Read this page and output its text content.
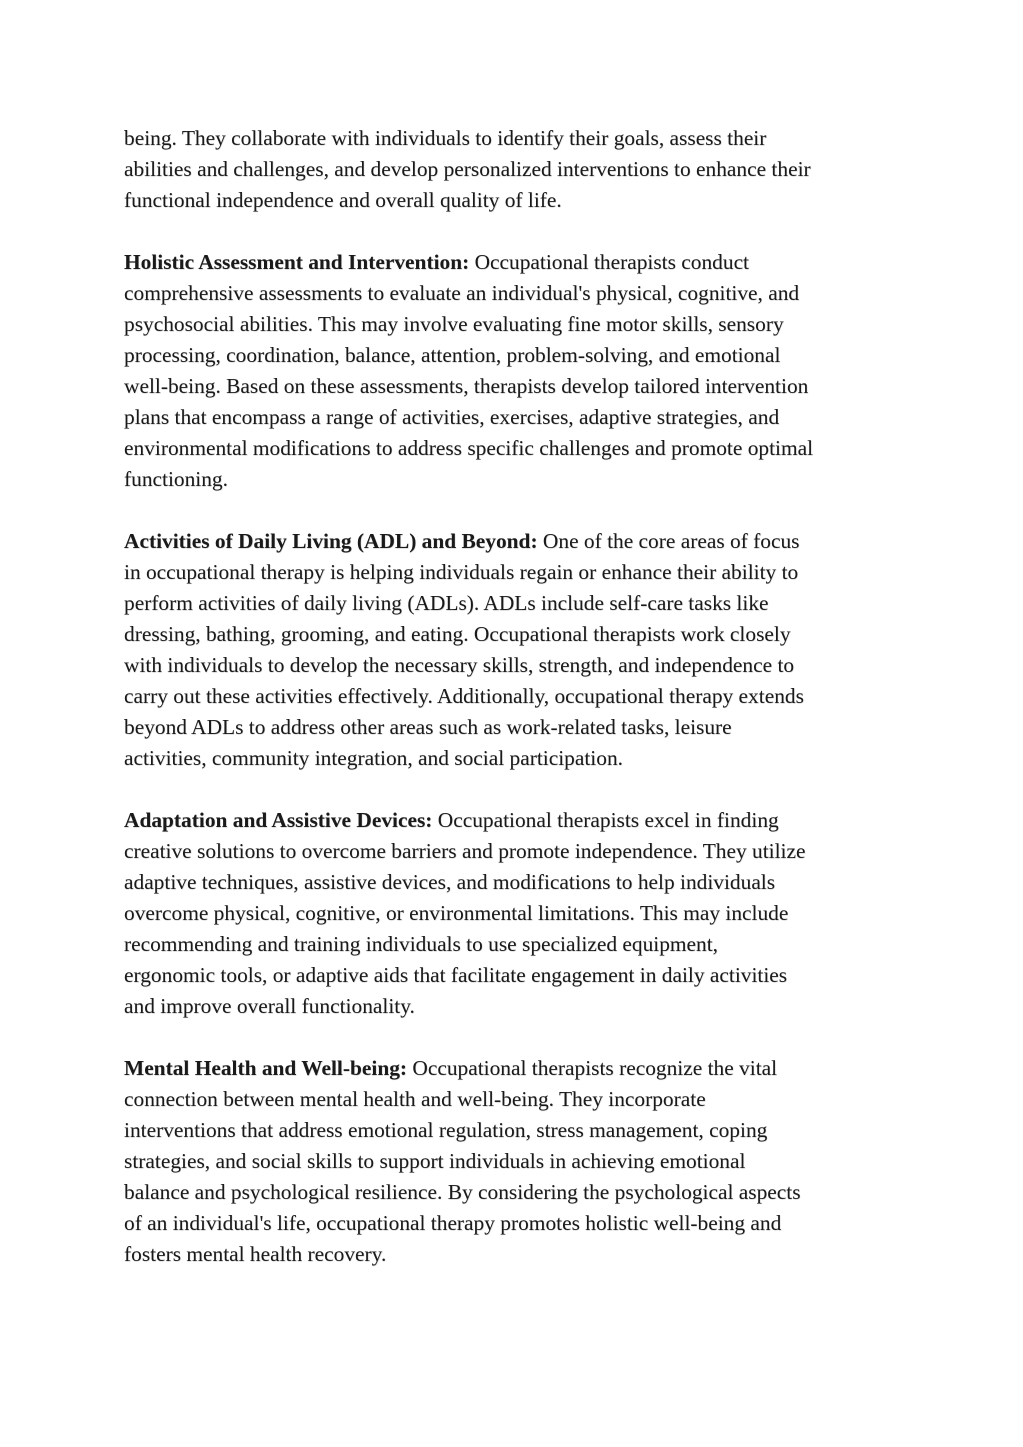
being. They collaborate with individuals to identify their goals, assess their
abilities and challenges, and develop personalized interventions to enhance their
functional independence and overall quality of life.

Holistic Assessment and Intervention: Occupational therapists conduct
comprehensive assessments to evaluate an individual's physical, cognitive, and
psychosocial abilities. This may involve evaluating fine motor skills, sensory
processing, coordination, balance, attention, problem-solving, and emotional
well-being. Based on these assessments, therapists develop tailored intervention
plans that encompass a range of activities, exercises, adaptive strategies, and
environmental modifications to address specific challenges and promote optimal
functioning.

Activities of Daily Living (ADL) and Beyond: One of the core areas of focus
in occupational therapy is helping individuals regain or enhance their ability to
perform activities of daily living (ADLs). ADLs include self-care tasks like
dressing, bathing, grooming, and eating. Occupational therapists work closely
with individuals to develop the necessary skills, strength, and independence to
carry out these activities effectively. Additionally, occupational therapy extends
beyond ADLs to address other areas such as work-related tasks, leisure
activities, community integration, and social participation.

Adaptation and Assistive Devices: Occupational therapists excel in finding
creative solutions to overcome barriers and promote independence. They utilize
adaptive techniques, assistive devices, and modifications to help individuals
overcome physical, cognitive, or environmental limitations. This may include
recommending and training individuals to use specialized equipment,
ergonomic tools, or adaptive aids that facilitate engagement in daily activities
and improve overall functionality.

Mental Health and Well-being: Occupational therapists recognize the vital
connection between mental health and well-being. They incorporate
interventions that address emotional regulation, stress management, coping
strategies, and social skills to support individuals in achieving emotional
balance and psychological resilience. By considering the psychological aspects
of an individual's life, occupational therapy promotes holistic well-being and
fosters mental health recovery.
